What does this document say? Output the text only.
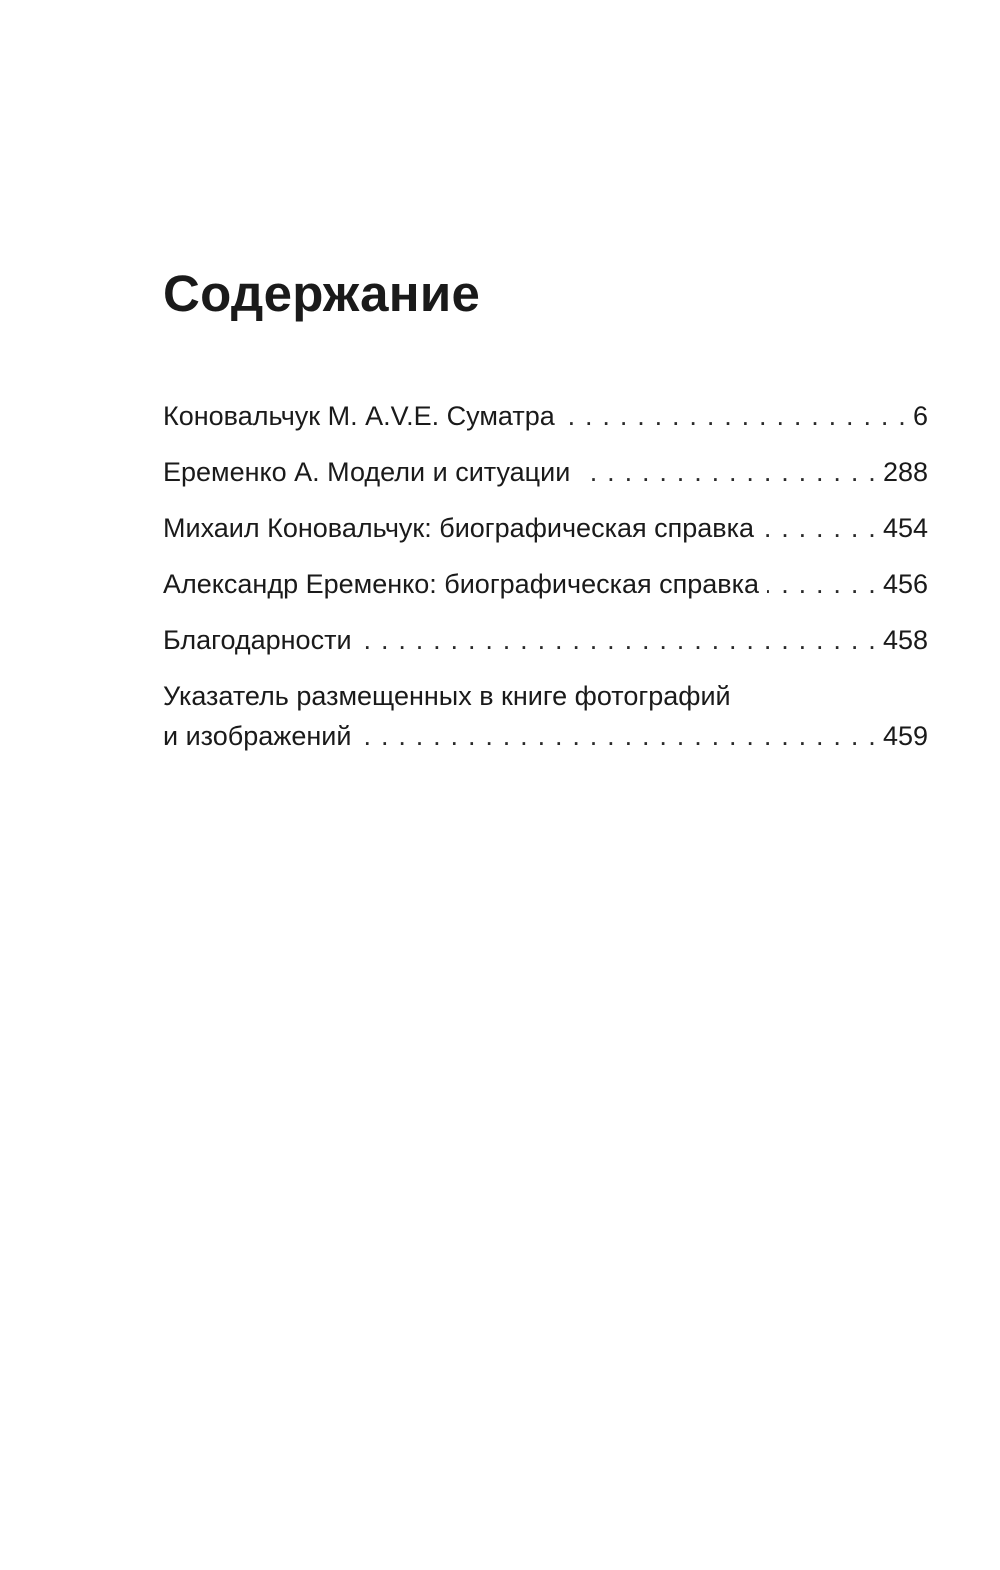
Содержание
Коновальчук М. A.V.E. Суматра . . .	6
Еременко А. Модели и ситуации . . .	288
Михаил Коновальчук: биографическая справка . . .	454
Александр Еременко: биографическая справка . . .	456
Благодарности . . .	458
Указатель размещенных в книге фотографий
и изображений . . .	459
